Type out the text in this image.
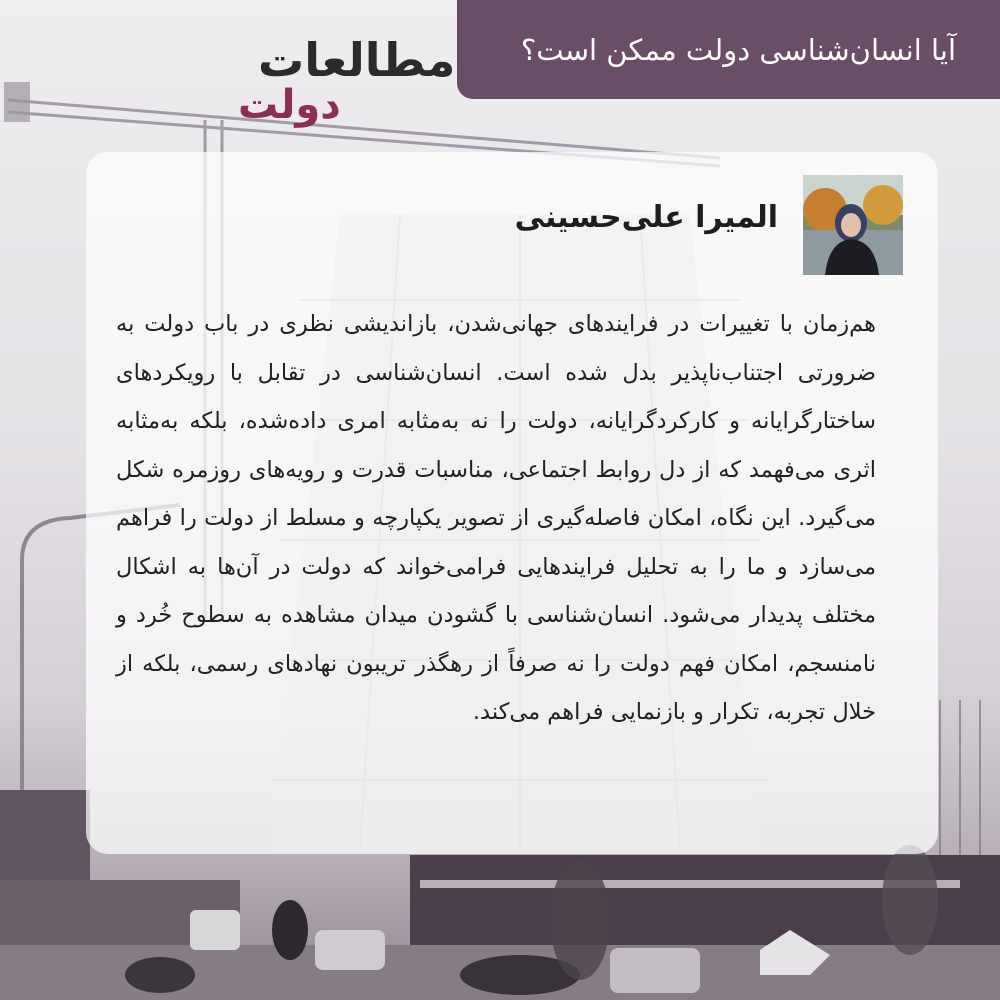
مطالعات
دولت
آیا انسان‌شناسی دولت ممکن است؟
المیرا علی‌حسینی

هم‌زمان با تغییرات در فرایندهای جهانی‌شدن، بازاندیشی نظری در باب دولت به ضرورتی اجتناب‌ناپذیر بدل شده است. انسان‌شناسی در تقابل با رویکردهای ساختارگرایانه و کارکردگرایانه، دولت را نه به‌مثابه امری داده‌شده، بلکه به‌مثابه اثری می‌فهمد که از دل روابط اجتماعی، مناسبات قدرت و رویه‌های روزمره شکل می‌گیرد. این نگاه، امکان فاصله‌گیری از تصویر یکپارچه و مسلط از دولت را فراهم می‌سازد و ما را به تحلیل فرایندهایی فرامی‌خواند که دولت در آن‌ها به اشکال مختلف پدیدار می‌شود. انسان‌شناسی با گشودن میدان مشاهده به سطوح خُرد و نامنسجم، امکان فهم دولت را نه صرفاً از رهگذر تریبون نهادهای رسمی، بلکه از خلال تجربه، تکرار و بازنمایی فراهم می‌کند.
